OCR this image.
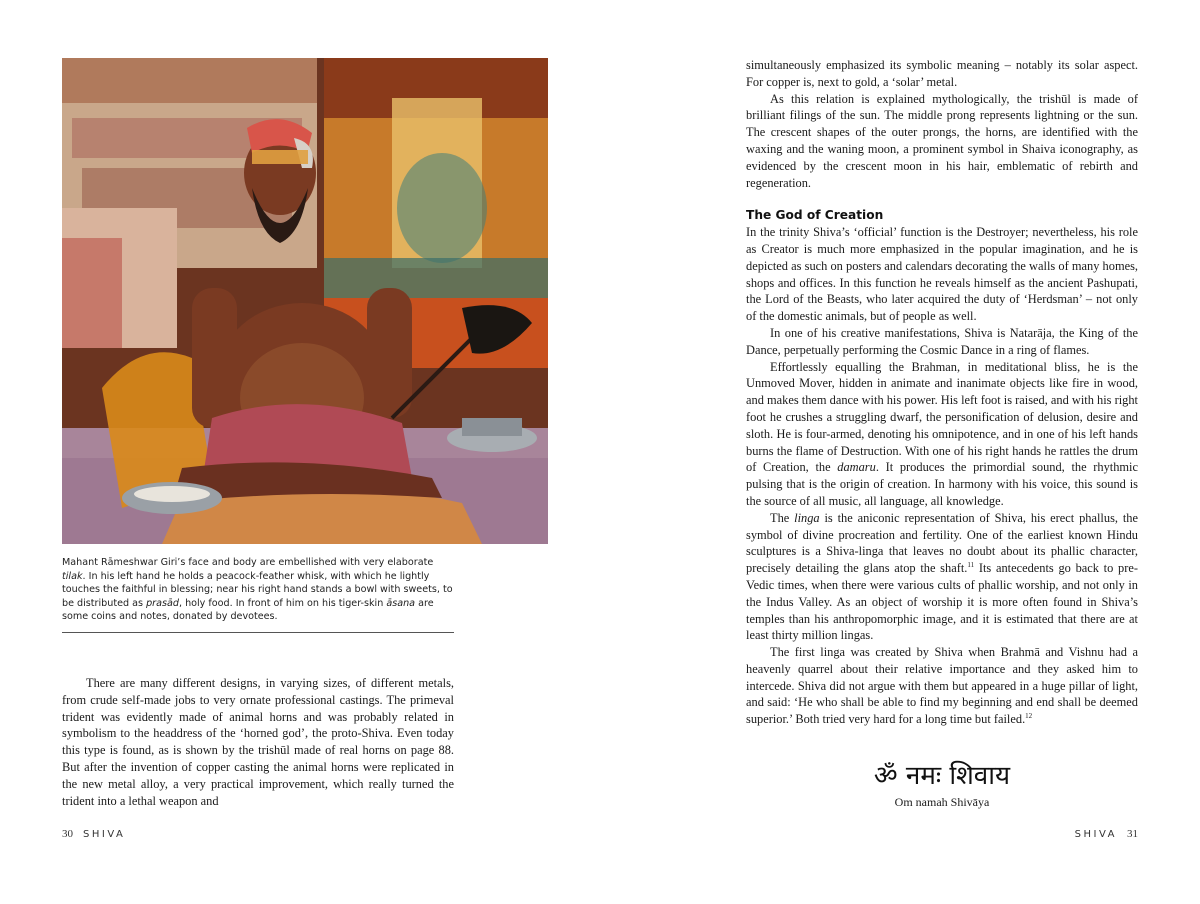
Mahant Rāmeshwar Giri’s face and body are embellished with very elaborate tilak. In his left hand he holds a peacock-feather whisk, with which he lightly touches the faithful in blessing; near his right hand stands a bowl with sweets, to be distributed as prasād, holy food. In front of him on his tiger-skin āsana are some coins and notes, donated by devotees.

There are many different designs, in varying sizes, of different metals, from crude self-made jobs to very ornate professional castings. The primeval trident was evidently made of animal horns and was probably related in symbolism to the headdress of the ‘horned god’, the proto-Shiva. Even today this type is found, as is shown by the trishūl made of real horns on page 88. But after the invention of copper casting the animal horns were replicated in the new metal alloy, a very practical improvement, which really turned the trident into a lethal weapon and

simultaneously emphasized its symbolic meaning – notably its solar aspect. For copper is, next to gold, a ‘solar’ metal.

As this relation is explained mythologically, the trishūl is made of brilliant filings of the sun. The middle prong represents lightning or the sun. The crescent shapes of the outer prongs, the horns, are identified with the waxing and the waning moon, a prominent symbol in Shaiva iconography, as evidenced by the crescent moon in his hair, emblematic of rebirth and regeneration.

The God of Creation

In the trinity Shiva’s ‘official’ function is the Destroyer; nevertheless, his role as Creator is much more emphasized in the popular imagination, and he is depicted as such on posters and calendars decorating the walls of many homes, shops and offices. In this function he reveals himself as the ancient Pashupati, the Lord of the Beasts, who later acquired the duty of ‘Herdsman’ – not only of the domestic animals, but of people as well.

In one of his creative manifestations, Shiva is Natarāja, the King of the Dance, perpetually performing the Cosmic Dance in a ring of flames.

Effortlessly equalling the Brahman, in meditational bliss, he is the Unmoved Mover, hidden in animate and inanimate objects like fire in wood, and makes them dance with his power. His left foot is raised, and with his right foot he crushes a struggling dwarf, the personification of delusion, desire and sloth. He is four-armed, denoting his omnipotence, and in one of his left hands burns the flame of Destruction. With one of his right hands he rattles the drum of Creation, the damaru. It produces the primordial sound, the rhythmic pulsing that is the origin of creation. In harmony with his voice, this sound is the source of all music, all language, all knowledge.

The linga is the aniconic representation of Shiva, his erect phallus, the symbol of divine procreation and fertility. One of the earliest known Hindu sculptures is a Shiva-linga that leaves no doubt about its phallic character, precisely detailing the glans atop the shaft.$^{11}$ Its antecedents go back to pre-Vedic times, when there were various cults of phallic worship, and not only in the Indus Valley. As an object of worship it is more often found in Shiva’s temples than his anthropomorphic image, and it is estimated that there are at least thirty million lingas.

The first linga was created by Shiva when Brahmā and Vishnu had a heavenly quarrel about their relative importance and they asked him to intercede. Shiva did not argue with them but appeared in a huge pillar of light, and said: ‘He who shall be able to find my beginning and end shall be deemed superior.’ Both tried very hard for a long time but failed.$^{12}$

ॐ नमः शिवाय
Om namah Shivāya
30 SHIVA	SHIVA 31
